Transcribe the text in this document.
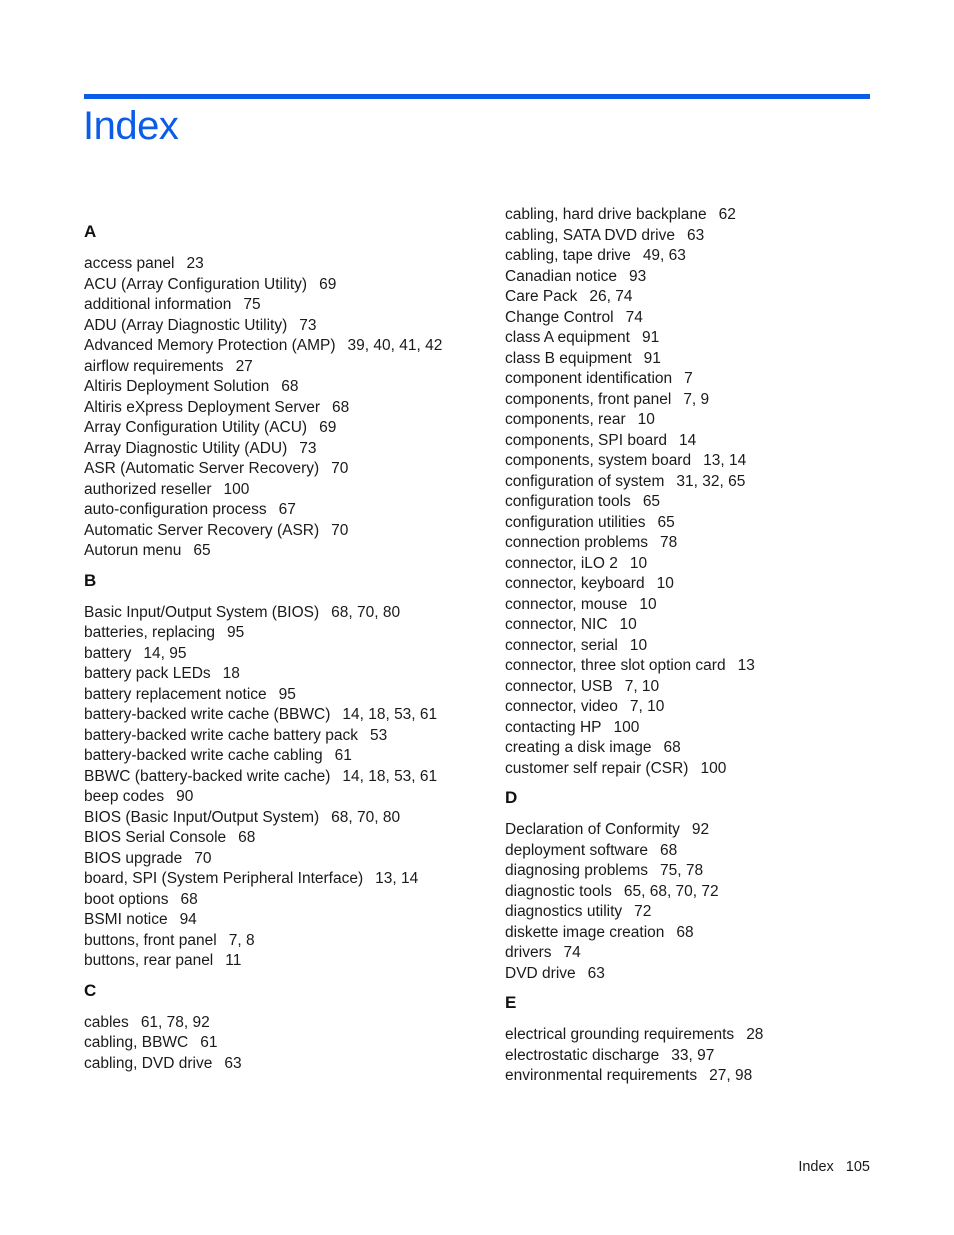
Index
A
access panel 23
ACU (Array Configuration Utility) 69
additional information 75
ADU (Array Diagnostic Utility) 73
Advanced Memory Protection (AMP) 39, 40, 41, 42
airflow requirements 27
Altiris Deployment Solution 68
Altiris eXpress Deployment Server 68
Array Configuration Utility (ACU) 69
Array Diagnostic Utility (ADU) 73
ASR (Automatic Server Recovery) 70
authorized reseller 100
auto-configuration process 67
Automatic Server Recovery (ASR) 70
Autorun menu 65
B
Basic Input/Output System (BIOS) 68, 70, 80
batteries, replacing 95
battery 14, 95
battery pack LEDs 18
battery replacement notice 95
battery-backed write cache (BBWC) 14, 18, 53, 61
battery-backed write cache battery pack 53
battery-backed write cache cabling 61
BBWC (battery-backed write cache) 14, 18, 53, 61
beep codes 90
BIOS (Basic Input/Output System) 68, 70, 80
BIOS Serial Console 68
BIOS upgrade 70
board, SPI (System Peripheral Interface) 13, 14
boot options 68
BSMI notice 94
buttons, front panel 7, 8
buttons, rear panel 11
C
cables 61, 78, 92
cabling, BBWC 61
cabling, DVD drive 63
cabling, hard drive backplane 62
cabling, SATA DVD drive 63
cabling, tape drive 49, 63
Canadian notice 93
Care Pack 26, 74
Change Control 74
class A equipment 91
class B equipment 91
component identification 7
components, front panel 7, 9
components, rear 10
components, SPI board 14
components, system board 13, 14
configuration of system 31, 32, 65
configuration tools 65
configuration utilities 65
connection problems 78
connector, iLO 2 10
connector, keyboard 10
connector, mouse 10
connector, NIC 10
connector, serial 10
connector, three slot option card 13
connector, USB 7, 10
connector, video 7, 10
contacting HP 100
creating a disk image 68
customer self repair (CSR) 100
D
Declaration of Conformity 92
deployment software 68
diagnosing problems 75, 78
diagnostic tools 65, 68, 70, 72
diagnostics utility 72
diskette image creation 68
drivers 74
DVD drive 63
E
electrical grounding requirements 28
electrostatic discharge 33, 97
environmental requirements 27, 98
Index 105
